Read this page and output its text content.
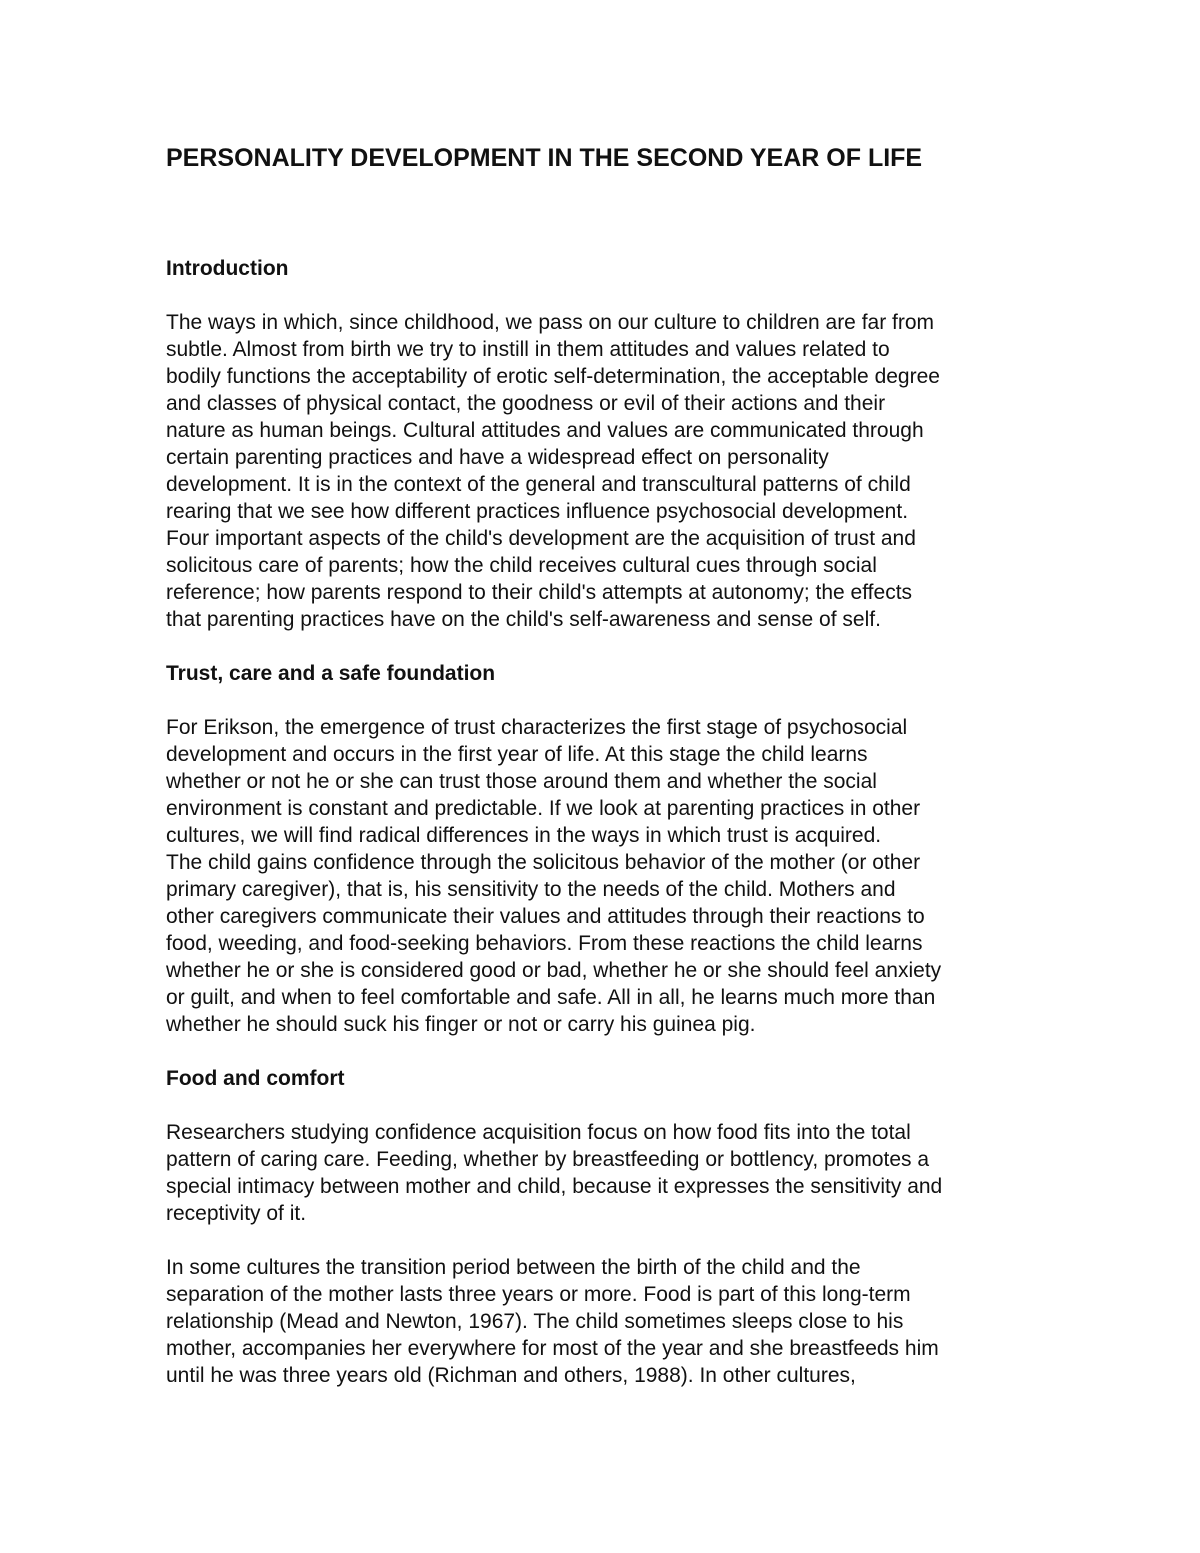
PERSONALITY DEVELOPMENT IN THE SECOND YEAR OF LIFE
Introduction

The ways in which, since childhood, we pass on our culture to children are far from
subtle. Almost from birth we try to instill in them attitudes and values related to
bodily functions the acceptability of erotic self-determination, the acceptable degree
and classes of physical contact, the goodness or evil of their actions and their
nature as human beings. Cultural attitudes and values are communicated through
certain parenting practices and have a widespread effect on personality
development. It is in the context of the general and transcultural patterns of child
rearing that we see how different practices influence psychosocial development.
Four important aspects of the child's development are the acquisition of trust and
solicitous care of parents; how the child receives cultural cues through social
reference; how parents respond to their child's attempts at autonomy; the effects
that parenting practices have on the child's self-awareness and sense of self.

Trust, care and a safe foundation

For Erikson, the emergence of trust characterizes the first stage of psychosocial
development and occurs in the first year of life. At this stage the child learns
whether or not he or she can trust those around them and whether the social
environment is constant and predictable. If we look at parenting practices in other
cultures, we will find radical differences in the ways in which trust is acquired.
The child gains confidence through the solicitous behavior of the mother (or other
primary caregiver), that is, his sensitivity to the needs of the child. Mothers and
other caregivers communicate their values and attitudes through their reactions to
food, weeding, and food-seeking behaviors. From these reactions the child learns
whether he or she is considered good or bad, whether he or she should feel anxiety
or guilt, and when to feel comfortable and safe. All in all, he learns much more than
whether he should suck his finger or not or carry his guinea pig.

Food and comfort

Researchers studying confidence acquisition focus on how food fits into the total
pattern of caring care. Feeding, whether by breastfeeding or bottlency, promotes a
special intimacy between mother and child, because it expresses the sensitivity and
receptivity of it.

In some cultures the transition period between the birth of the child and the
separation of the mother lasts three years or more. Food is part of this long-term
relationship (Mead and Newton, 1967). The child sometimes sleeps close to his
mother, accompanies her everywhere for most of the year and she breastfeeds him
until he was three years old (Richman and others, 1988). In other cultures,
